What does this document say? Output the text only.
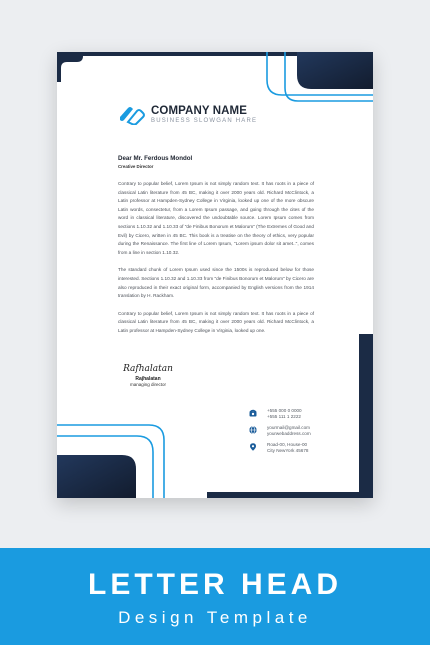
COMPANY NAME
BUSINESS SLOWGAN HARE
Dear Mr. Ferdous Mondol
Creative Director

Contrary to popular belief, Lorem Ipsum is not simply random text. It has roots in a piece of classical Latin literature from 45 BC, making it over 2000 years old. Richard McClintock, a Latin professor at Hampden-Sydney College in Virginia, looked up one of the more obscure Latin words, consectetur, from a Lorem Ipsum passage, and going through the cites of the word in classical literature, discovered the undoubtable source. Lorem Ipsum comes from sections 1.10.32 and 1.10.33 of "de Finibus Bonorum et Malorum" (The Extremes of Good and Evil) by Cicero, written in 45 BC. This book is a treatise on the theory of ethics, very popular during the Renaissance. The first line of Lorem Ipsum, "Lorem ipsum dolor sit amet..", comes from a line in section 1.10.32.

The standard chunk of Lorem Ipsum used since the 1500s is reproduced below for those interested. Sections 1.10.32 and 1.10.33 from "de Finibus Bonorum et Malorum" by Cicero are also reproduced in their exact original form, accompanied by English versions from the 1914 translation by H. Rackham.

Contrary to popular belief, Lorem Ipsum is not simply random text. It has roots in a piece of classical Latin literature from 45 BC, making it over 2000 years old. Richard McClintock, a Latin professor at Hampden-Sydney College in Virginia, looked up one.

Rafhalatan
Rajhalatan
managing director
+555 000 0 0000
+555 111 1 2222
yourmail@gmail.com
yourwebaddress.com
Road-00, House-00
City NewYork 45678
LETTER HEAD
Design Template
